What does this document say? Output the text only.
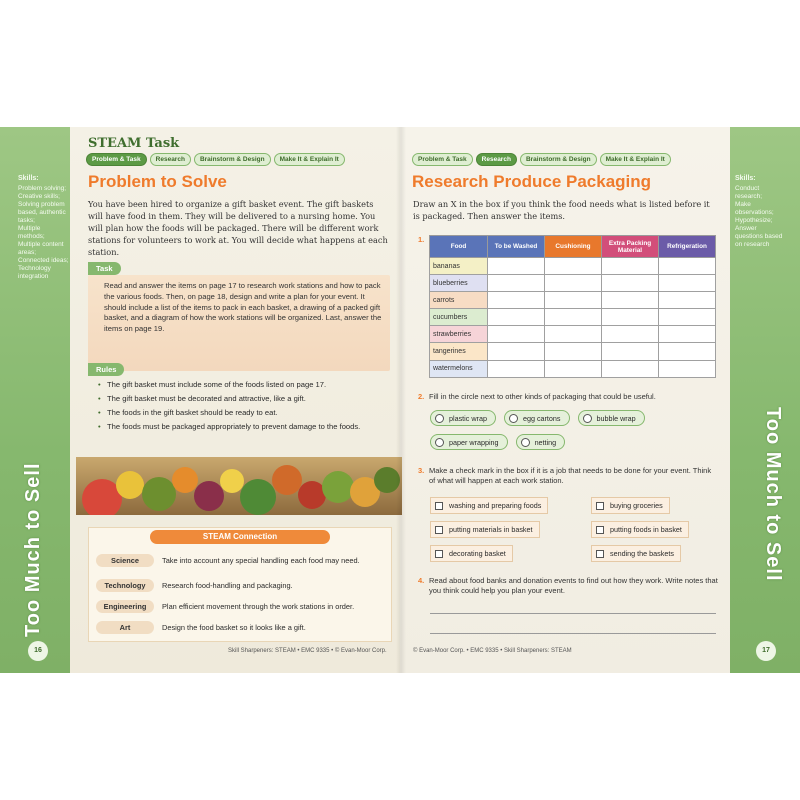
Skills:
Problem solving;
Creative skills;
Solving problem
based, authentic
tasks;
Multiple
methods;
Multiple content
areas;
Connected ideas;
Technology
integration
Too Much to Sell
16
Skills:
Conduct
research;
Make
observations;
Hypothesize;
Answer
questions based
on research
Too Much to Sell
17
STEAM Task
Problem & Task	Research	Brainstorm & Design	Make It & Explain It
Problem to Solve
You have been hired to organize a gift basket event. The gift baskets will have food in them. They will be delivered to a nursing home. You will plan how the foods will be packaged. There will be different work stations for volunteers to work at. You will decide what happens at each station.
Task
Read and answer the items on page 17 to research work stations and how to pack the various foods. Then, on page 18, design and write a plan for your event. It should include a list of the items to pack in each basket, a drawing of a packed gift basket, and a diagram of how the work stations will be organized. Last, answer the items on page 19.
Rules
• The gift basket must include some of the foods listed on page 17.
• The gift basket must be decorated and attractive, like a gift.
• The foods in the gift basket should be ready to eat.
• The foods must be packaged appropriately to prevent damage to the foods.
STEAM Connection
Science	Take into account any special handling each food may need.
Technology	Research food-handling and packaging.
Engineering	Plan efficient movement through the work stations in order.
Art	Design the food basket so it looks like a gift.
Skill Sharpeners: STEAM • EMC 9335 • © Evan-Moor Corp.
Problem & Task	Research	Brainstorm & Design	Make It & Explain It
Research Produce Packaging
Draw an X in the box if you think the food needs what is listed before it is packaged. Then answer the items.
1.
Food	To be Washed	Cushioning	Extra Packing Material	Refrigeration
bananas				
blueberries				
carrots				
cucumbers				
strawberries				
tangerines				
watermelons				
2. Fill in the circle next to other kinds of packaging that could be useful.
plastic wrap	egg cartons	bubble wrap
paper wrapping	netting
3. Make a check mark in the box if it is a job that needs to be done for your event. Think of what will happen at each work station.
washing and preparing foods
putting materials in basket
decorating basket
buying groceries
putting foods in basket
sending the baskets
4. Read about food banks and donation events to find out how they work. Write notes that you think could help you plan your event.
© Evan-Moor Corp. • EMC 9335 • Skill Sharpeners: STEAM
